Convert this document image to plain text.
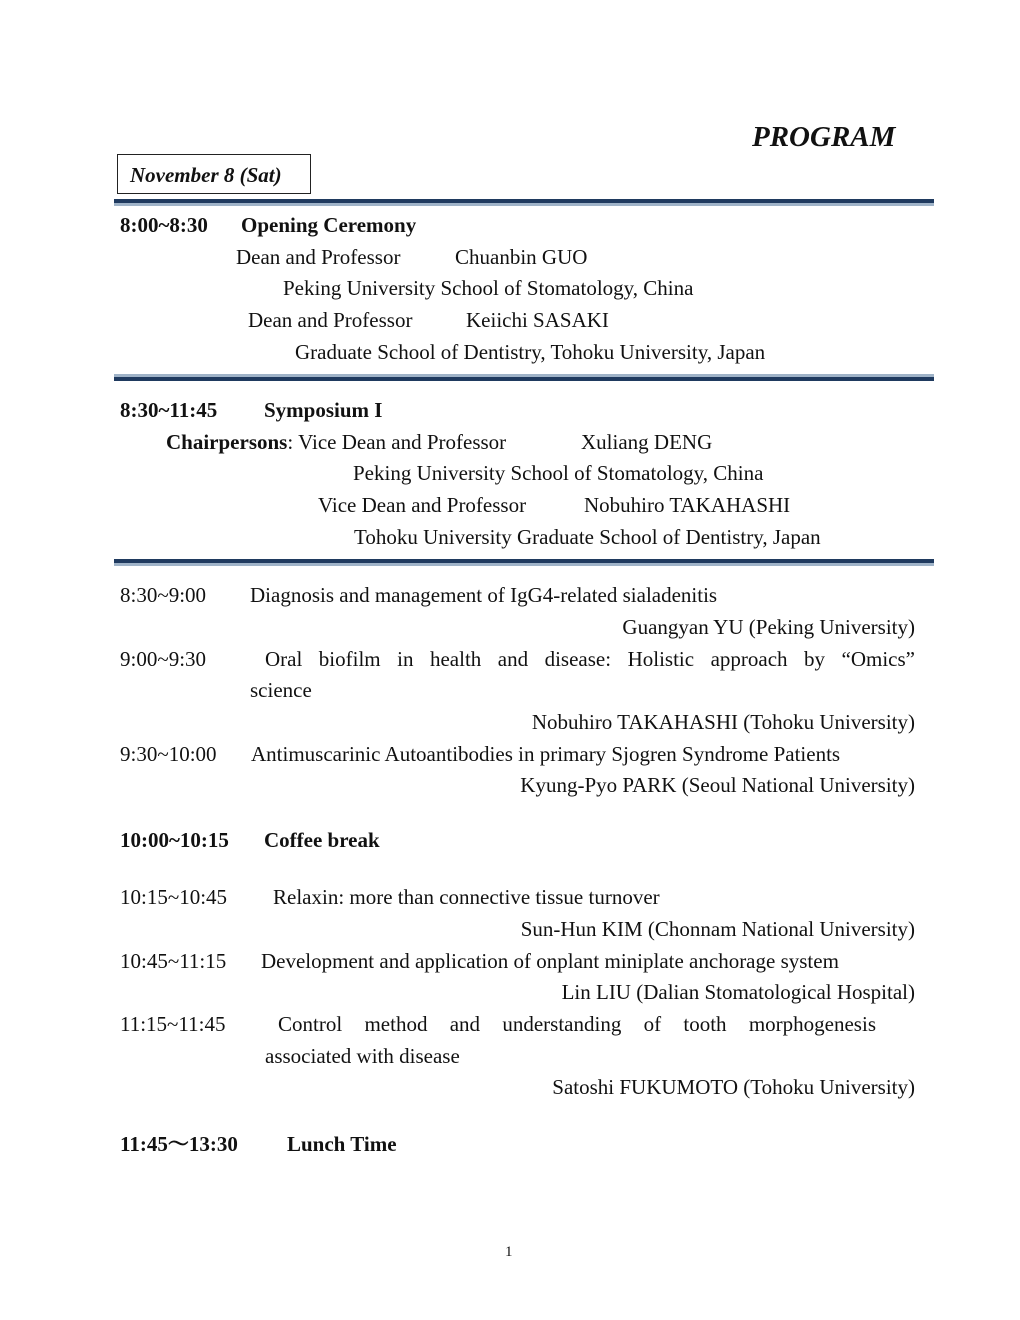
PROGRAM
November 8 (Sat)
8:00~8:30 Opening Ceremony
Dean and Professor	Chuanbin GUO
Peking University School of Stomatology, China
Dean and Professor	Keiichi SASAKI
Graduate School of Dentistry, Tohoku University, Japan
8:30~11:45 Symposium I
Chairpersons: Vice Dean and Professor	Xuliang DENG
Peking University School of Stomatology, China
Vice Dean and Professor	Nobuhiro TAKAHASHI
Tohoku University Graduate School of Dentistry, Japan
8:30~9:00 Diagnosis and management of IgG4-related sialadenitis
Guangyan YU (Peking University)
9:00~9:30	Oral biofilm in health and disease: Holistic approach by “Omics”
science
Nobuhiro TAKAHASHI (Tohoku University)
9:30~10:00 Antimuscarinic Autoantibodies in primary Sjogren Syndrome Patients
Kyung-Pyo PARK (Seoul National University)
10:00~10:15 Coffee break
10:15~10:45 Relaxin: more than connective tissue turnover
Sun-Hun KIM (Chonnam National University)
10:45~11:15 Development and application of onplant miniplate anchorage system
Lin LIU (Dalian Stomatological Hospital)
11:15~11:45	Control method and understanding of tooth morphogenesis
associated with disease
Satoshi FUKUMOTO (Tohoku University)
11:45～13:30 Lunch Time
1
